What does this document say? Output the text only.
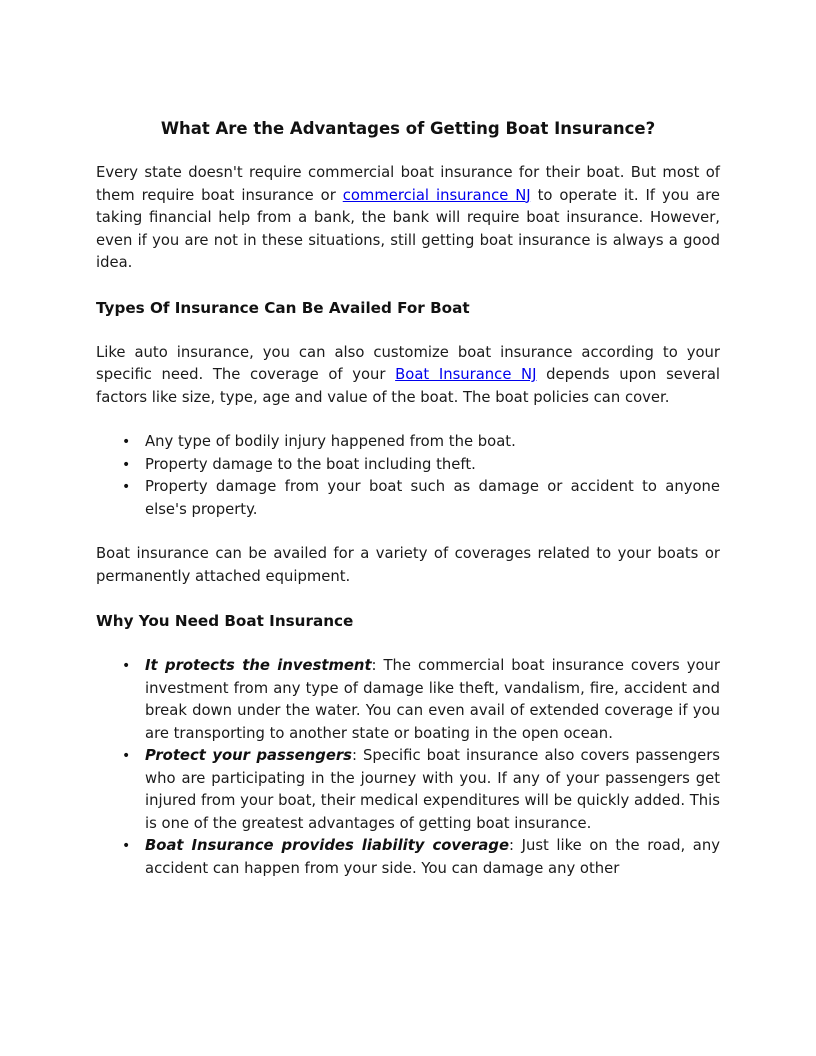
What Are the Advantages of Getting Boat Insurance?

Every state doesn't require commercial boat insurance for their boat. But most of them require boat insurance or commercial insurance NJ to operate it. If you are taking financial help from a bank, the bank will require boat insurance. However, even if you are not in these situations, still getting boat insurance is always a good idea.

Types Of Insurance Can Be Availed For Boat

Like auto insurance, you can also customize boat insurance according to your specific need. The coverage of your Boat Insurance NJ depends upon several factors like size, type, age and value of the boat. The boat policies can cover.

• Any type of bodily injury happened from the boat.
• Property damage to the boat including theft.
• Property damage from your boat such as damage or accident to anyone else's property.

Boat insurance can be availed for a variety of coverages related to your boats or permanently attached equipment.

Why You Need Boat Insurance
• It protects the investment: The commercial boat insurance covers your investment from any type of damage like theft, vandalism, fire, accident and break down under the water. You can even avail of extended coverage if you are transporting to another state or boating in the open ocean.
• Protect your passengers: Specific boat insurance also covers passengers who are participating in the journey with you. If any of your passengers get injured from your boat, their medical expenditures will be quickly added. This is one of the greatest advantages of getting boat insurance.
• Boat Insurance provides liability coverage: Just like on the road, any accident can happen from your side. You can damage any other
